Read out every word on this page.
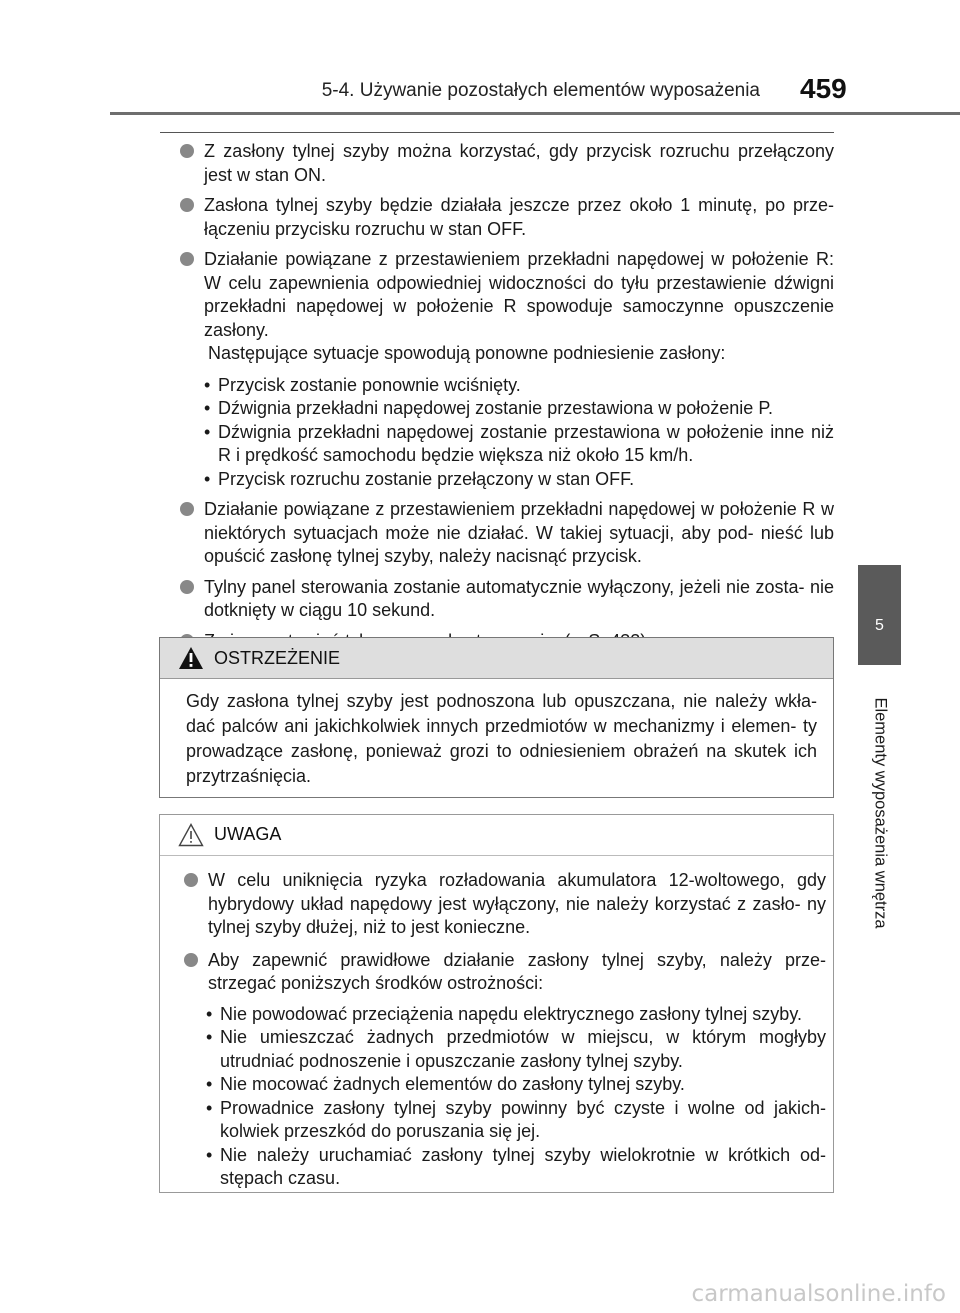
5-4. Używanie pozostałych elementów wyposażenia 459
5
Elementy wyposażenia wnętrza
Z zasłony tylnej szyby można korzystać, gdy przycisk rozruchu przełączony jest w stan ON.
Zasłona tylnej szyby będzie działała jeszcze przez około 1 minutę, po prze- łączeniu przycisku rozruchu w stan OFF.
Działanie powiązane z przestawieniem przekładni napędowej w położenie R: W celu zapewnienia odpowiedniej widoczności do tyłu przestawienie dźwigni przekładni napędowej w położenie R spowoduje samoczynne opuszczenie zasłony.
Następujące sytuacje spowodują ponowne podniesienie zasłony:
• Przycisk zostanie ponownie wciśnięty.
• Dźwignia przekładni napędowej zostanie przestawiona w położenie P.
• Dźwignia przekładni napędowej zostanie przestawiona w położenie inne niż R i prędkość samochodu będzie większa niż około 15 km/h.
• Przycisk rozruchu zostanie przełączony w stan OFF.
Działanie powiązane z przestawieniem przekładni napędowej w położenie R w niektórych sytuacjach może nie działać. W takiej sytuacji, aby pod- nieść lub opuścić zasłonę tylnej szyby, należy nacisnąć przycisk.
Tylny panel sterowania zostanie automatycznie wyłączony, jeżeli nie zosta- nie dotknięty w ciągu 10 sekund.
OSTRZEŻENIE
Gdy zasłona tylnej szyby jest podnoszona lub opuszczana, nie należy wkła- dać palców ani jakichkolwiek innych przedmiotów w mechanizmy i elemen- ty prowadzące zasłonę, ponieważ grozi to odniesieniem obrażeń na skutek ich przytrzaśnięcia.
UWAGA
W celu uniknięcia ryzyka rozładowania akumulatora 12-woltowego, gdy hybrydowy układ napędowy jest wyłączony, nie należy korzystać z zasło- ny tylnej szyby dłużej, niż to jest konieczne.
Aby zapewnić prawidłowe działanie zasłony tylnej szyby, należy prze- strzegać poniższych środków ostrożności:
• Nie powodować przeciążenia napędu elektrycznego zasłony tylnej szyby.
• Nie umieszczać żadnych przedmiotów w miejscu, w którym mogłyby utrudniać podnoszenie i opuszczanie zasłony tylnej szyby.
• Nie mocować żadnych elementów do zasłony tylnej szyby.
• Prowadnice zasłony tylnej szyby powinny być czyste i wolne od jakich- kolwiek przeszkód do poruszania się jej.
• Nie należy uruchamiać zasłony tylnej szyby wielokrotnie w krótkich od- stępach czasu.
carmanualsonline.info
